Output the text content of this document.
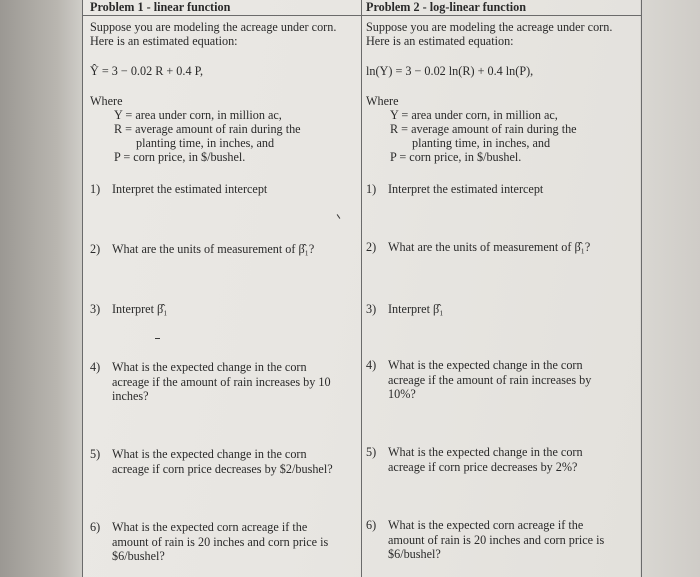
Problem 1 - linear function
Suppose you are modeling the acreage under corn.
Here is an estimated equation:
Ŷ = 3 − 0.02 R + 0.4 P,
Where
Y = area under corn, in million ac,
R = average amount of rain during the
planting time, in inches, and
P = corn price, in $/bushel.
1) Interpret the estimated intercept
2) What are the units of measurement of β̂₁?
3) Interpret β̂₁
4) What is the expected change in the corn
acreage if the amount of rain increases by 10
inches?
5) What is the expected change in the corn
acreage if corn price decreases by $2/bushel?
6) What is the expected corn acreage if the
amount of rain is 20 inches and corn price is
$6/bushel?
Problem 2 - log-linear function
Suppose you are modeling the acreage under corn.
Here is an estimated equation:
ln(Y) = 3 − 0.02 ln(R) + 0.4 ln(P),
Where
Y = area under corn, in million ac,
R = average amount of rain during the
planting time, in inches, and
P = corn price, in $/bushel.
1) Interpret the estimated intercept
2) What are the units of measurement of β̂₁?
3) Interpret β̂₁
4) What is the expected change in the corn
acreage if the amount of rain increases by
10%?
5) What is the expected change in the corn
acreage if corn price decreases by 2%?
6) What is the expected corn acreage if the
amount of rain is 20 inches and corn price is
$6/bushel?
